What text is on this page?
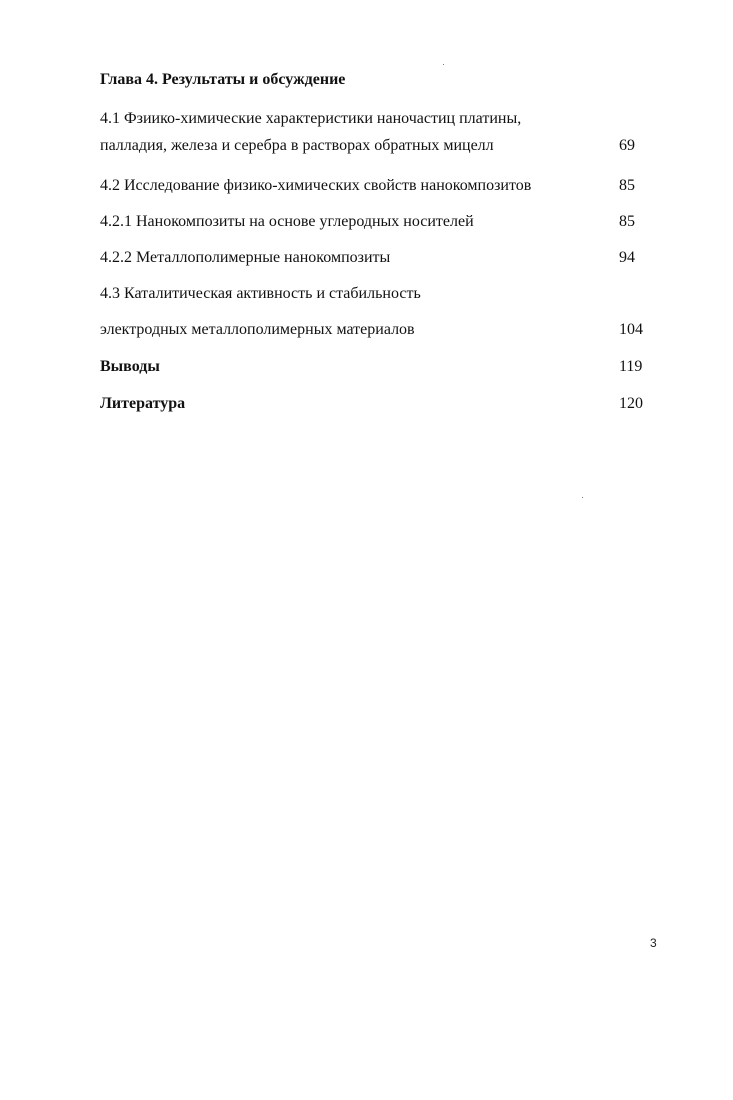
Глава 4. Результаты и обсуждение
4.1 Фзиико-химические характеристики наночастиц платины,
палладия, железа и серебра в растворах обратных мицелл	69
4.2 Исследование физико-химических свойств нанокомпозитов	85
4.2.1 Нанокомпозиты на основе углеродных носителей	85
4.2.2 Металлополимерные нанокомпозиты	94
4.3 Каталитическая активность и стабильность
электродных металлополимерных материалов	104
Выводы	119
Литература	120
3
